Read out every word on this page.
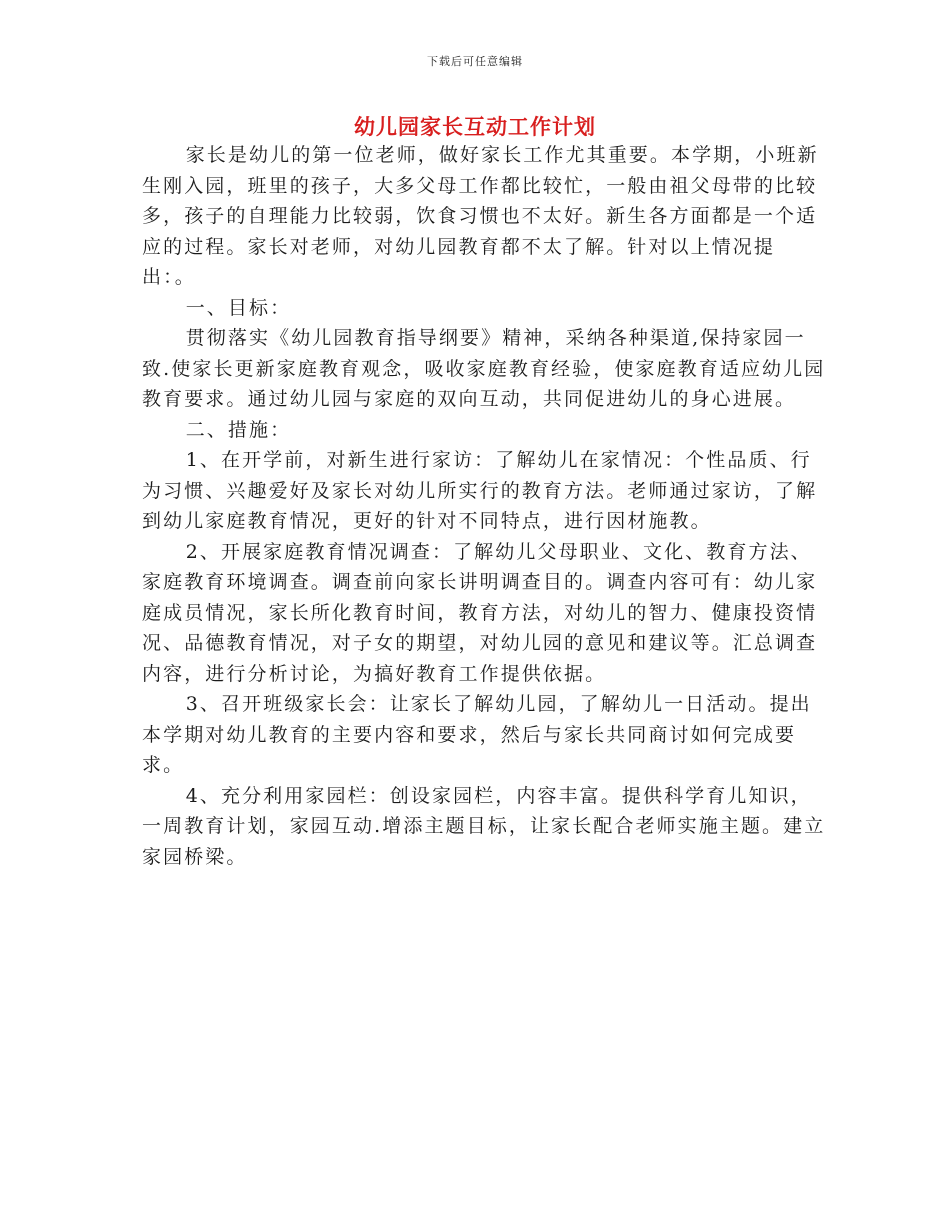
下载后可任意编辑
幼儿园家长互动工作计划

家长是幼儿的第一位老师，做好家长工作尤其重要。本学期，小班新生刚入园，班里的孩子，大多父母工作都比较忙，一般由祖父母带的比较多，孩子的自理能力比较弱，饮食习惯也不太好。新生各方面都是一个适应的过程。家长对老师，对幼儿园教育都不太了解。针对以上情况提出：。

一、目标：

贯彻落实《幼儿园教育指导纲要》精神，采纳各种渠道,保持家园一致.使家长更新家庭教育观念，吸收家庭教育经验，使家庭教育适应幼儿园教育要求。通过幼儿园与家庭的双向互动，共同促进幼儿的身心进展。

二、措施：

1、在开学前，对新生进行家访：了解幼儿在家情况：个性品质、行为习惯、兴趣爱好及家长对幼儿所实行的教育方法。老师通过家访，了解到幼儿家庭教育情况，更好的针对不同特点，进行因材施教。

2、开展家庭教育情况调查：了解幼儿父母职业、文化、教育方法、家庭教育环境调查。调查前向家长讲明调查目的。调查内容可有：幼儿家庭成员情况，家长所化教育时间，教育方法，对幼儿的智力、健康投资情况、品德教育情况，对子女的期望，对幼儿园的意见和建议等。汇总调查内容，进行分析讨论，为搞好教育工作提供依据。

3、召开班级家长会：让家长了解幼儿园，了解幼儿一日活动。提出本学期对幼儿教育的主要内容和要求，然后与家长共同商讨如何完成要求。

4、充分利用家园栏：创设家园栏，内容丰富。提供科学育儿知识，一周教育计划，家园互动.增添主题目标，让家长配合老师实施主题。建立家园桥梁。
